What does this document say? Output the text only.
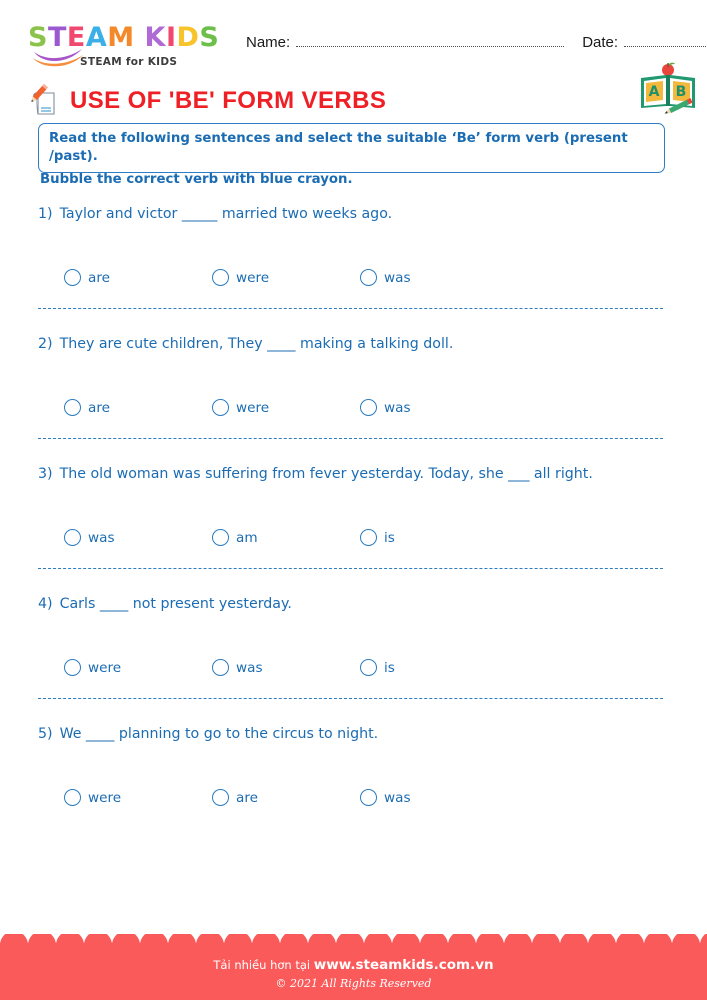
STEAM KIDS
STEAM for KIDS
Name:	Date:
USE OF 'BE' FORM VERBS	A B
Read the following sentences and select the suitable ‘Be’ form verb (present /past).
Bubble the correct verb with blue crayon.
1) Taylor and victor _____ married two weeks ago.
are	were	was
2) They are cute children, They ____ making a talking doll.
are	were	was
3) The old woman was suffering from fever yesterday. Today, she ___ all right.
was	am	is
4) Carls ____ not present yesterday.
were	was	is
5) We ____ planning to go to the circus to night.
were	are	was
Tải nhiều hơn tại www.steamkids.com.vn
© 2021 All Rights Reserved
